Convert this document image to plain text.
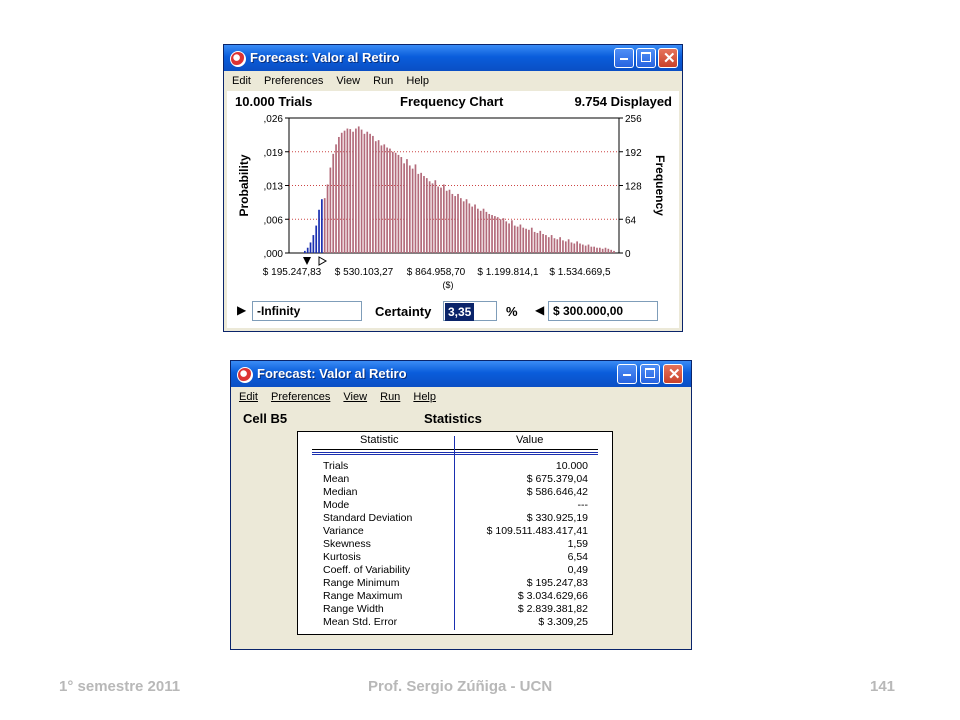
Forecast: Valor al Retiro	✕
Edit Preferences View Run Help
10.000 Trials	Frequency Chart	9.754 Displayed
,000	0
,006	64
,013	128
,019	192
,026	256
$ 195.247,83 $ 530.103,27 $ 864.958,70 $ 1.199.814,1 $ 1.534.669,5
($)
Probability	Frequency
▶ -Infinity	Certainty	3,35	% ◀ $ 300.000,00
Forecast: Valor al Retiro	✕
Edit Preferences View Run Help
Cell B5	Statistics
Statistic	Value
Trials	10.000
Mean	$ 675.379,04
Median	$ 586.646,42
Mode	---
Standard Deviation	$ 330.925,19
Variance	$ 109.511.483.417,41
Skewness	1,59
Kurtosis	6,54
Coeff. of Variability	0,49
Range Minimum	$ 195.247,83
Range Maximum	$ 3.034.629,66
Range Width	$ 2.839.381,82
Mean Std. Error	$ 3.309,25
1° semestre 2011	Prof. Sergio Zúñiga - UCN	141
